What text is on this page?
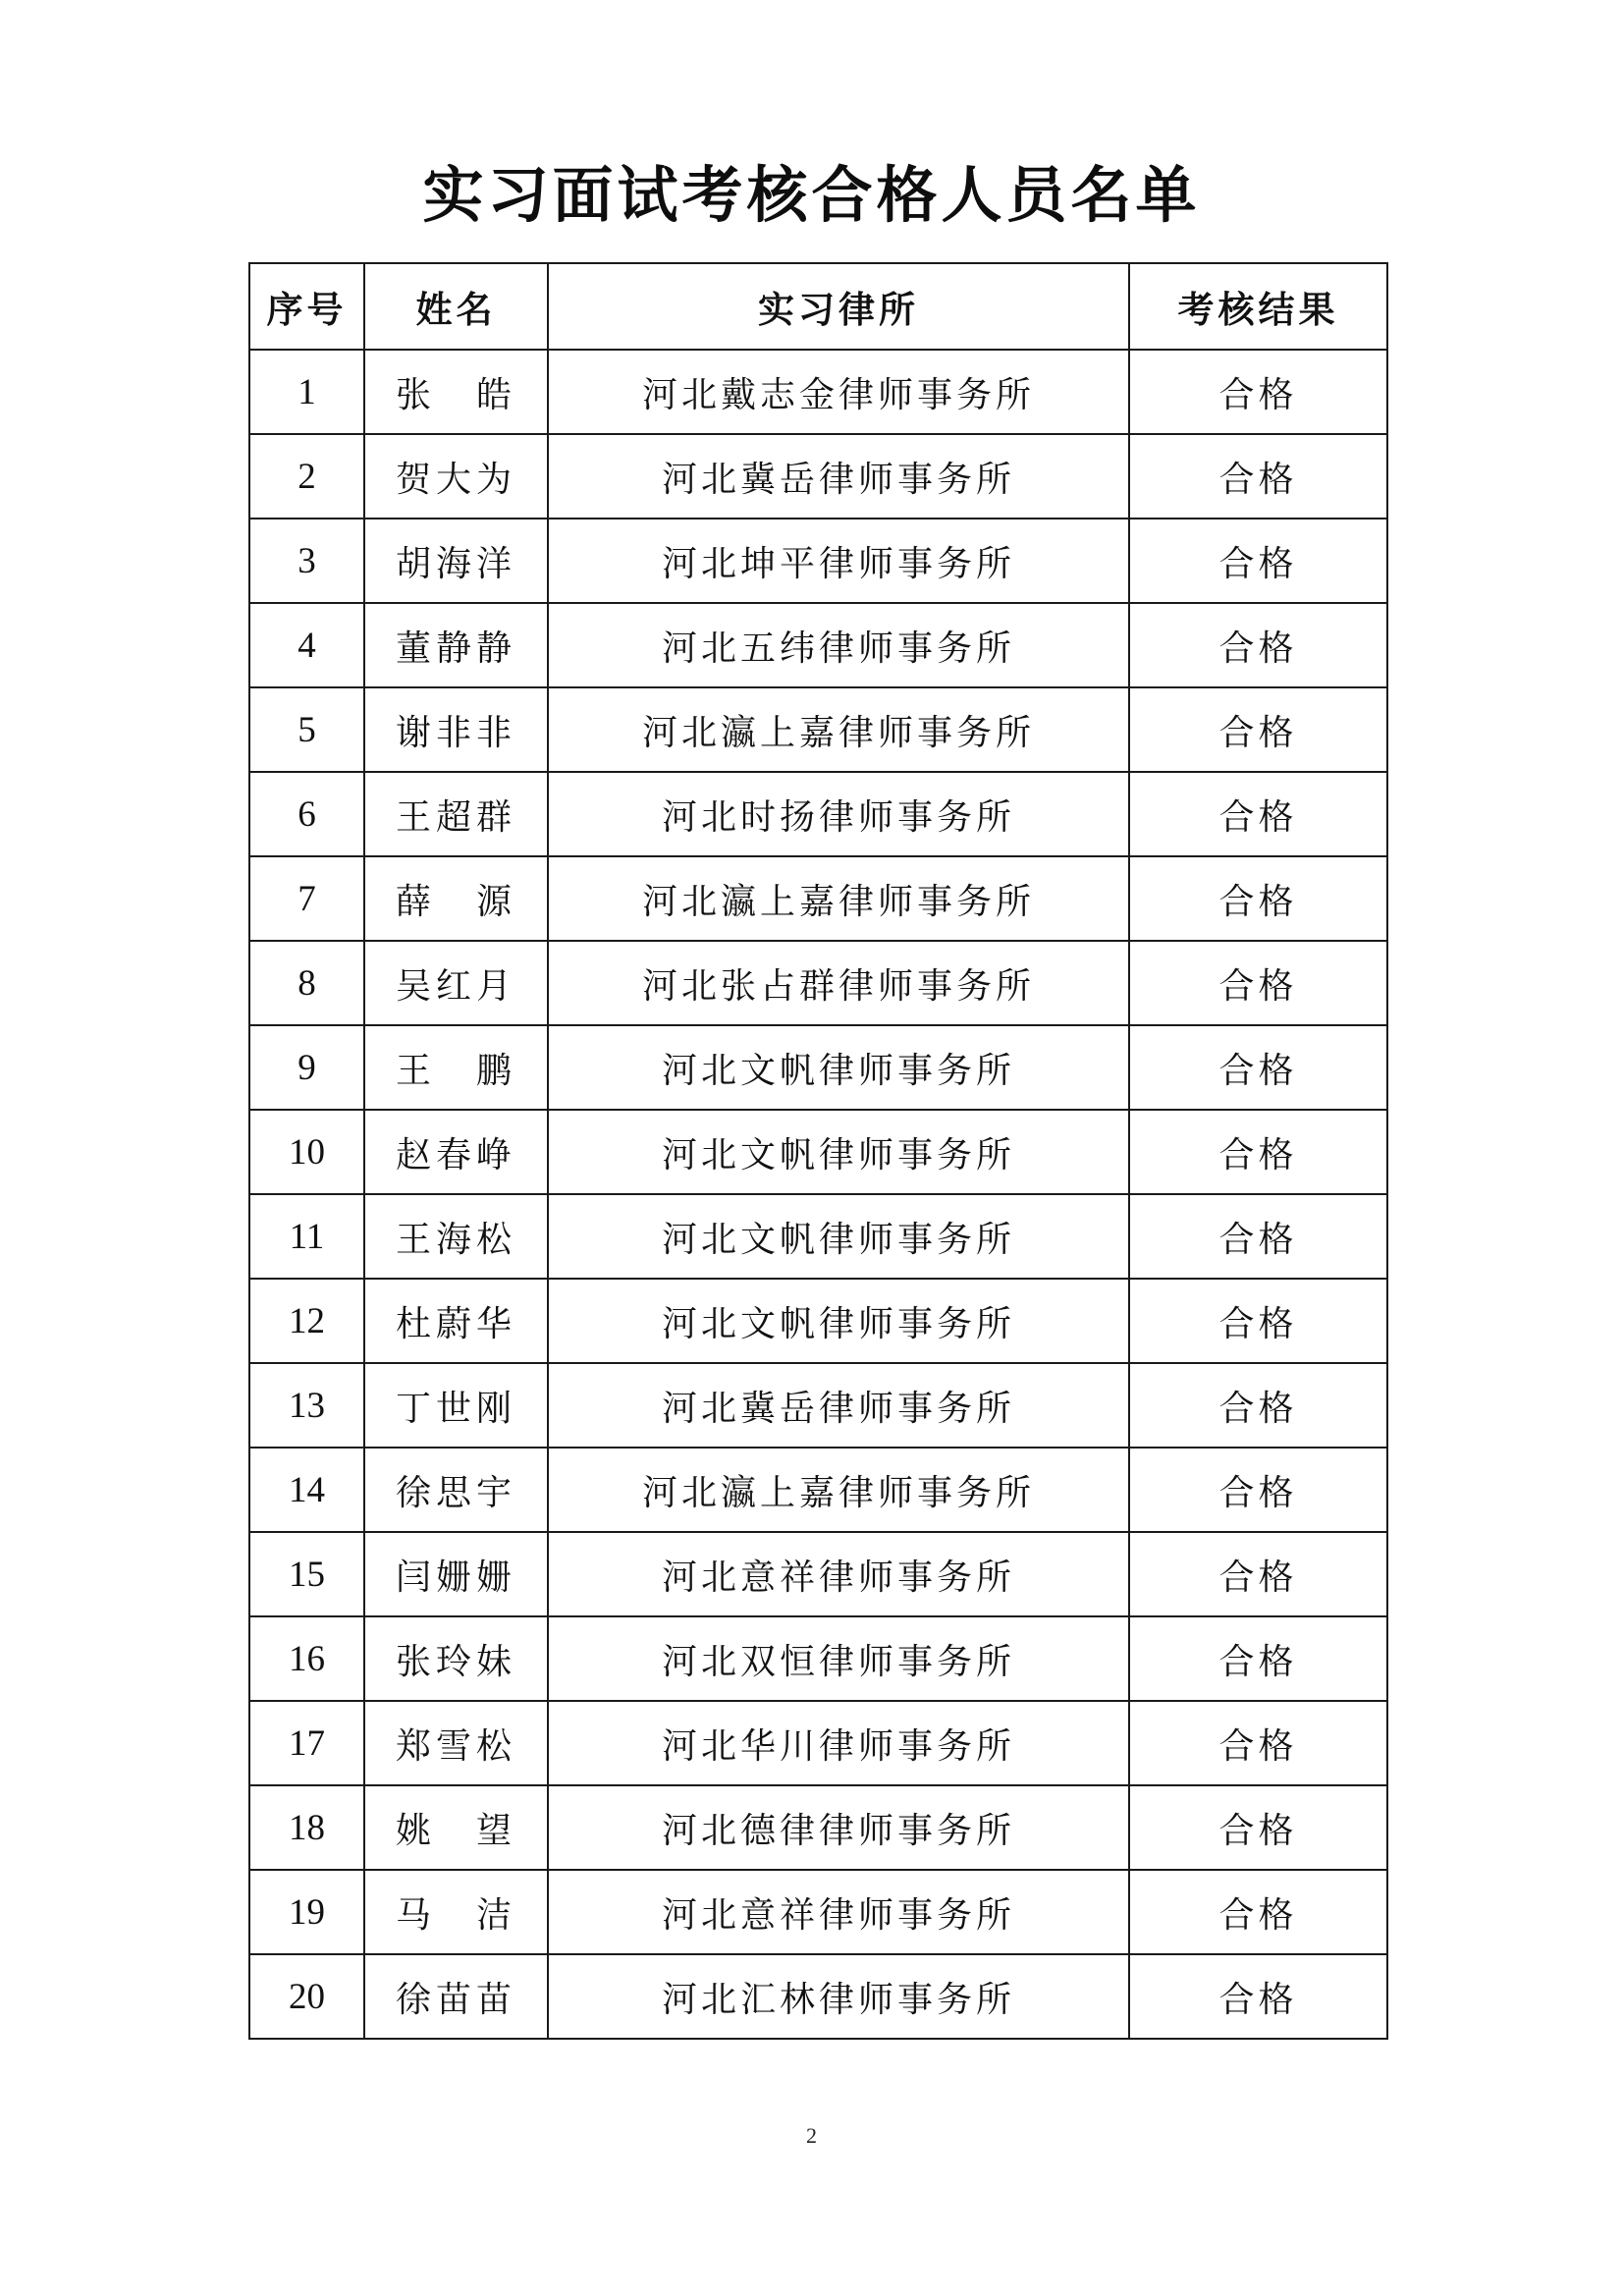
实习面试考核合格人员名单
序号	姓名	实习律所	考核结果
1	张　皓	河北戴志金律师事务所	合格
2	贺大为	河北冀岳律师事务所	合格
3	胡海洋	河北坤平律师事务所	合格
4	董静静	河北五纬律师事务所	合格
5	谢非非	河北瀛上嘉律师事务所	合格
6	王超群	河北时扬律师事务所	合格
7	薛　源	河北瀛上嘉律师事务所	合格
8	吴红月	河北张占群律师事务所	合格
9	王　鹏	河北文帆律师事务所	合格
10	赵春峥	河北文帆律师事务所	合格
11	王海松	河北文帆律师事务所	合格
12	杜蔚华	河北文帆律师事务所	合格
13	丁世刚	河北冀岳律师事务所	合格
14	徐思宇	河北瀛上嘉律师事务所	合格
15	闫姗姗	河北意祥律师事务所	合格
16	张玲妹	河北双恒律师事务所	合格
17	郑雪松	河北华川律师事务所	合格
18	姚　望	河北德律律师事务所	合格
19	马　洁	河北意祥律师事务所	合格
20	徐苗苗	河北汇林律师事务所	合格
2
